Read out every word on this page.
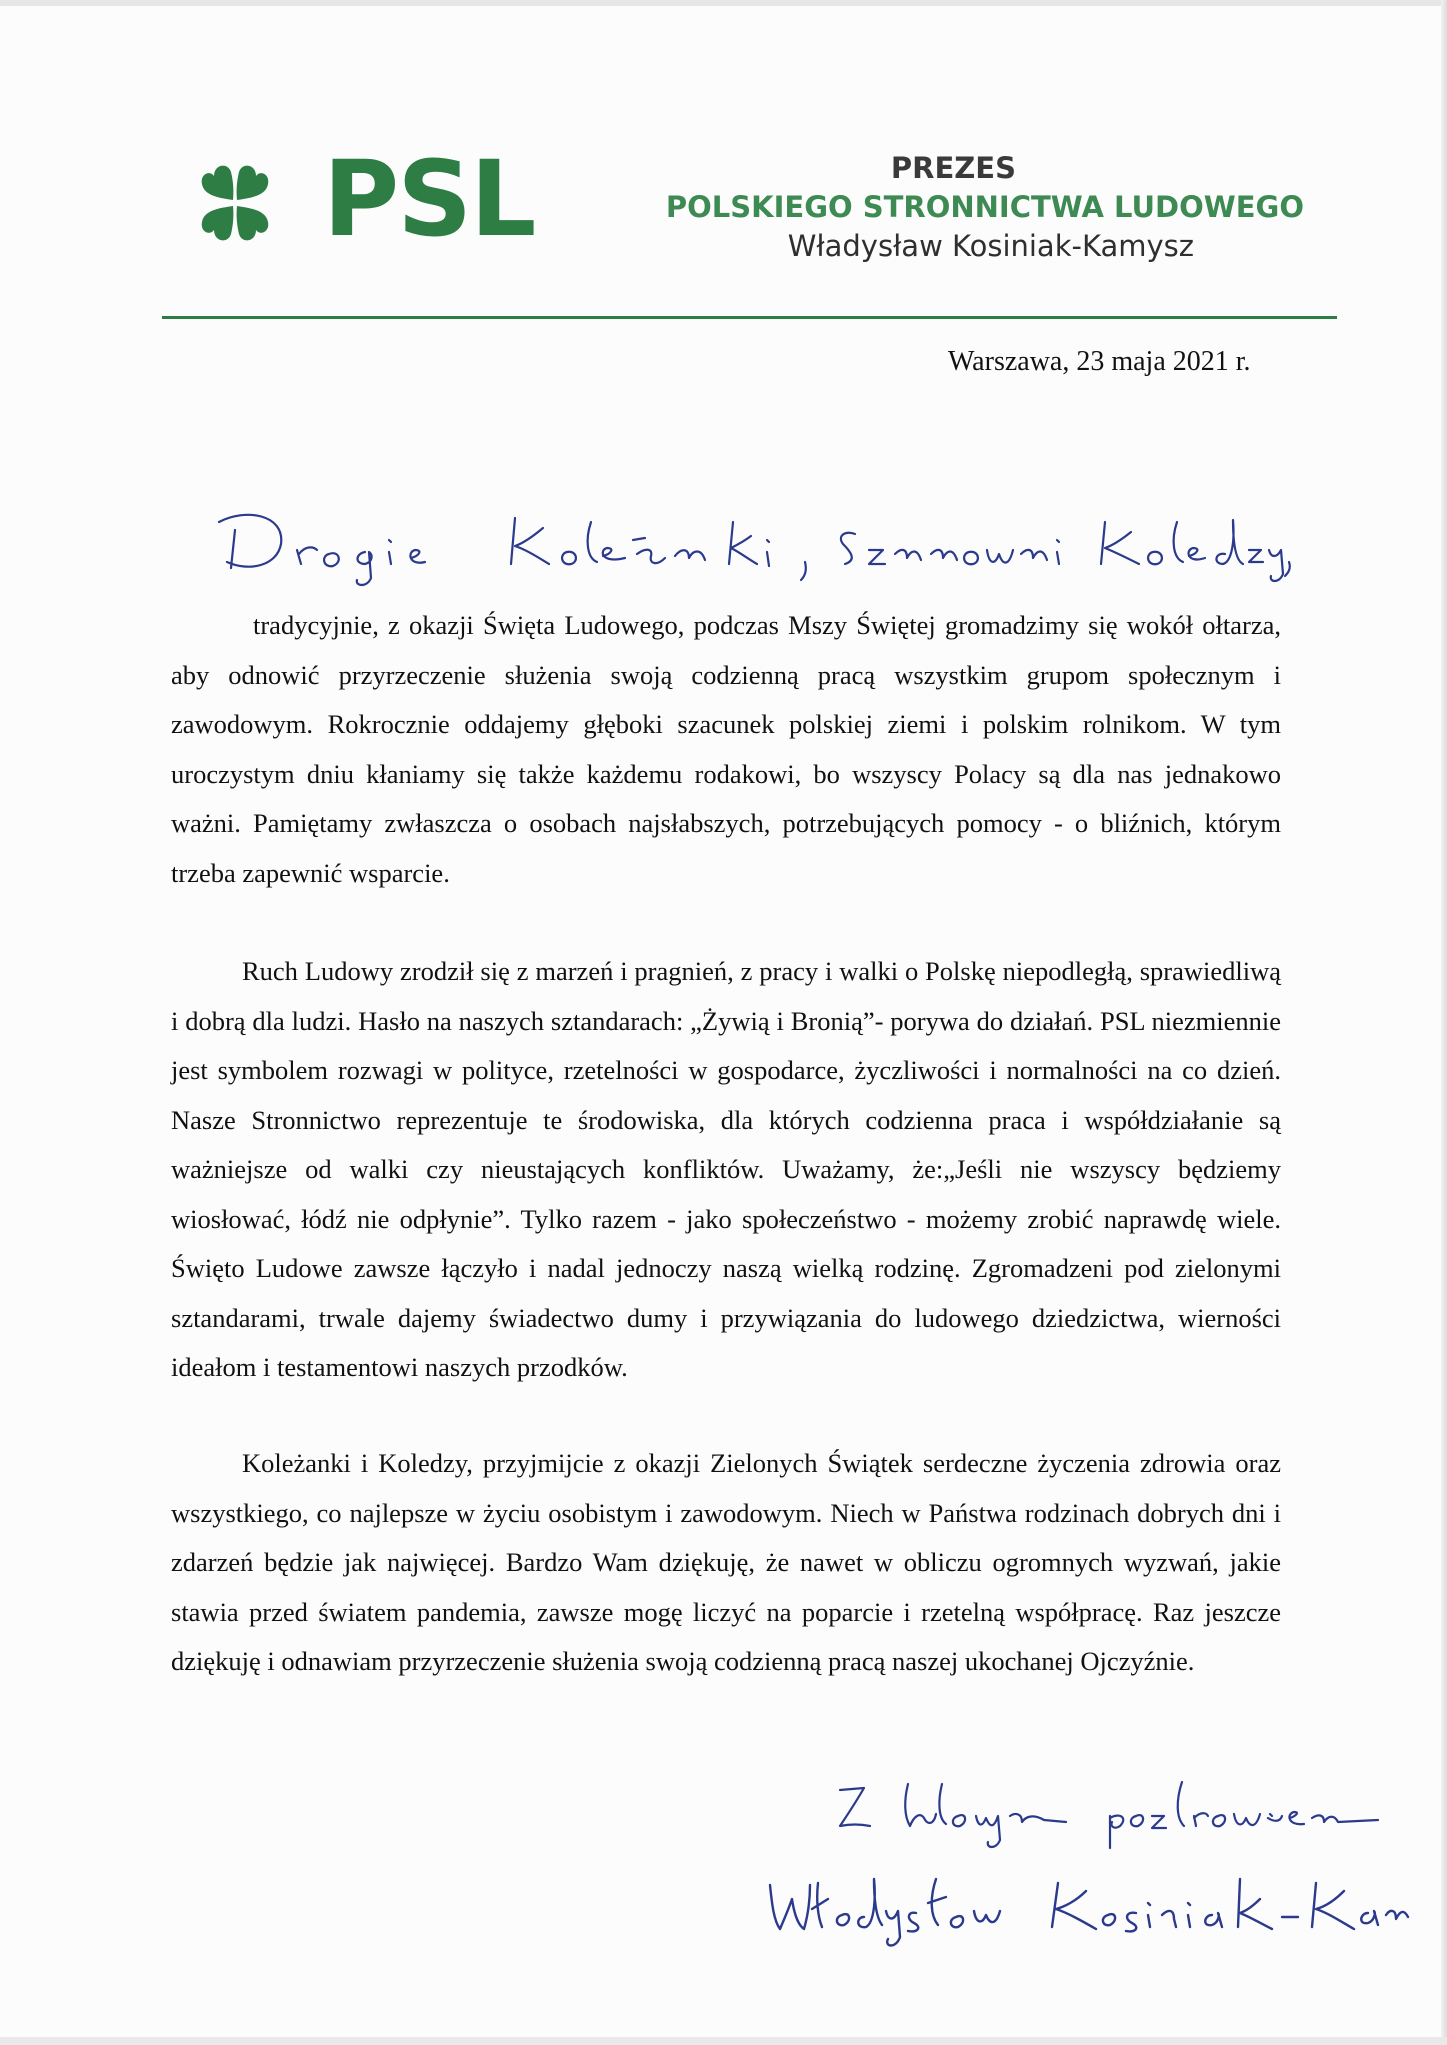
PSL	PREZES
POLSKIEGO STRONNICTWA LUDOWEGO
Władysław Kosiniak-Kamysz
Warszawa, 23 maja 2021 r.

tradycyjnie, z okazji Święta Ludowego, podczas Mszy Świętej gromadzimy się wokół ołtarza, aby odnowić przyrzeczenie służenia swoją codzienną pracą wszystkim grupom społecznym i zawodowym. Rokrocznie oddajemy głęboki szacunek polskiej ziemi i polskim rolnikom. W tym uroczystym dniu kłaniamy się także każdemu rodakowi, bo wszyscy Polacy są dla nas jednakowo ważni. Pamiętamy zwłaszcza o osobach najsłabszych, potrzebujących pomocy - o bliźnich, którym trzeba zapewnić wsparcie.

Ruch Ludowy zrodził się z marzeń i pragnień, z pracy i walki o Polskę niepodległą, sprawiedliwą i dobrą dla ludzi. Hasło na naszych sztandarach: „Żywią i Bronią”- porywa do działań. PSL niezmiennie jest symbolem rozwagi w polityce, rzetelności w gospodarce, życzliwości i normalności na co dzień. Nasze Stronnictwo reprezentuje te środowiska, dla których codzienna praca i współdziałanie są ważniejsze od walki czy nieustających konfliktów. Uważamy, że:„Jeśli nie wszyscy będziemy wiosłować, łódź nie odpłynie”. Tylko razem - jako społeczeństwo - możemy zrobić naprawdę wiele. Święto Ludowe zawsze łączyło i nadal jednoczy naszą wielką rodzinę. Zgromadzeni pod zielonymi sztandarami, trwale dajemy świadectwo dumy i przywiązania do ludowego dziedzictwa, wierności ideałom i testamentowi naszych przodków.

Koleżanki i Koledzy, przyjmijcie z okazji Zielonych Świątek serdeczne życzenia zdrowia oraz wszystkiego, co najlepsze w życiu osobistym i zawodowym. Niech w Państwa rodzinach dobrych dni i zdarzeń będzie jak najwięcej. Bardzo Wam dziękuję, że nawet w obliczu ogromnych wyzwań, jakie stawia przed światem pandemia, zawsze mogę liczyć na poparcie i rzetelną współpracę. Raz jeszcze dziękuję i odnawiam przyrzeczenie służenia swoją codzienną pracą naszej ukochanej Ojczyźnie.
